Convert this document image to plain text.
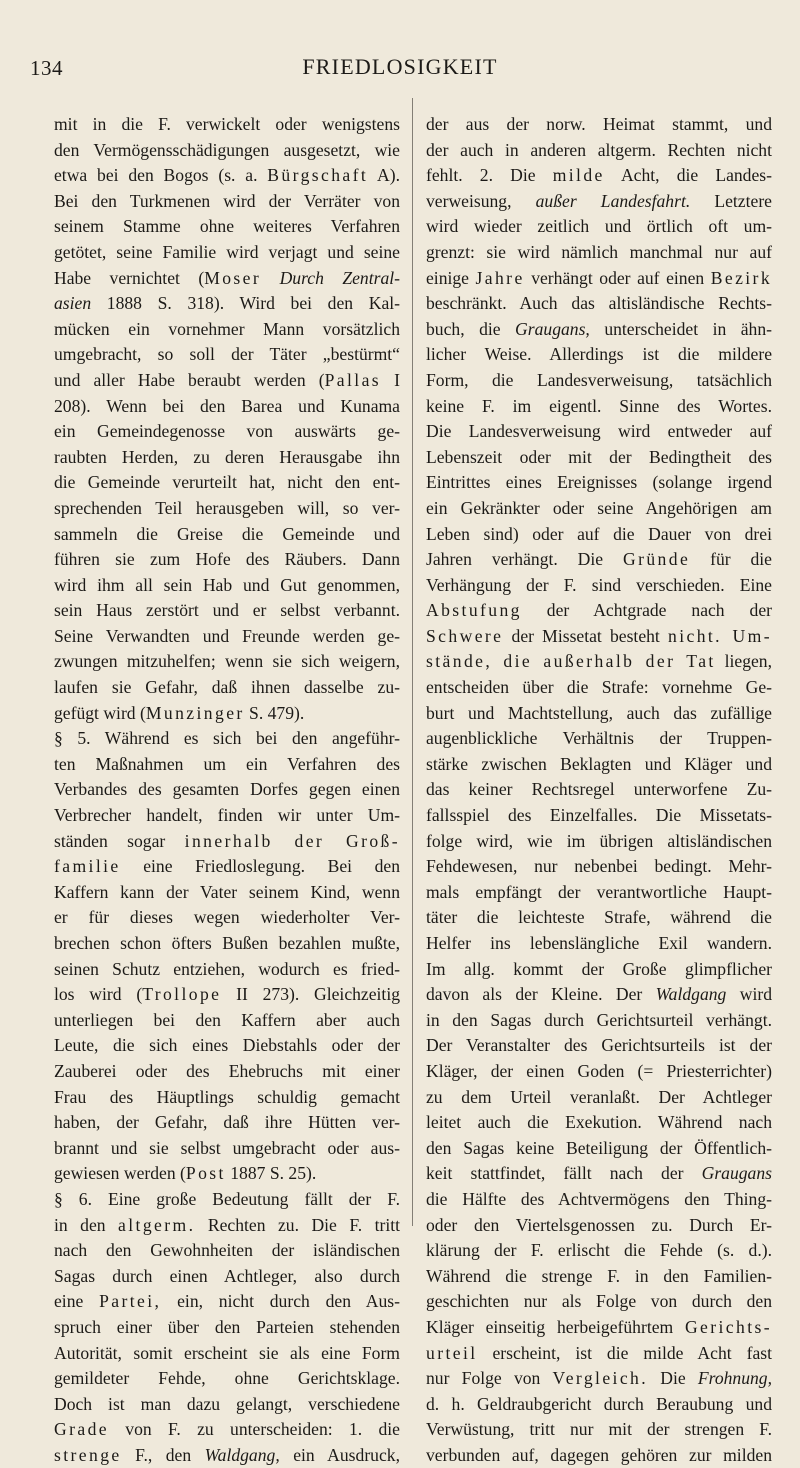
134	FRIEDLOSIGKEIT
mit in die F. verwickelt oder wenigstens
den Vermögensschädigungen ausgesetzt, wie
etwa bei den Bogos (s. a. Bürgschaft A).
Bei den Turkmenen wird der Verräter von
seinem Stamme ohne weiteres Verfahren
getötet, seine Familie wird verjagt und seine
Habe vernichtet (Moser Durch Zentral-
asien 1888 S. 318). Wird bei den Kal-
mücken ein vornehmer Mann vorsätzlich
umgebracht, so soll der Täter „bestürmt“
und aller Habe beraubt werden (Pallas I
208). Wenn bei den Barea und Kunama
ein Gemeindegenosse von auswärts ge-
raubten Herden, zu deren Herausgabe ihn
die Gemeinde verurteilt hat, nicht den ent-
sprechenden Teil herausgeben will, so ver-
sammeln die Greise die Gemeinde und
führen sie zum Hofe des Räubers. Dann
wird ihm all sein Hab und Gut genommen,
sein Haus zerstört und er selbst verbannt.
Seine Verwandten und Freunde werden ge-
zwungen mitzuhelfen; wenn sie sich weigern,
laufen sie Gefahr, daß ihnen dasselbe zu-
gefügt wird (Munzinger S. 479).
§ 5. Während es sich bei den angeführ-
ten Maßnahmen um ein Verfahren des
Verbandes des gesamten Dorfes gegen einen
Verbrecher handelt, finden wir unter Um-
ständen sogar innerhalb der Groß-
familie eine Friedloslegung. Bei den
Kaffern kann der Vater seinem Kind, wenn
er für dieses wegen wiederholter Ver-
brechen schon öfters Bußen bezahlen mußte,
seinen Schutz entziehen, wodurch es fried-
los wird (Trollope II 273). Gleichzeitig
unterliegen bei den Kaffern aber auch
Leute, die sich eines Diebstahls oder der
Zauberei oder des Ehebruchs mit einer
Frau des Häuptlings schuldig gemacht
haben, der Gefahr, daß ihre Hütten ver-
brannt und sie selbst umgebracht oder aus-
gewiesen werden (Post 1887 S. 25).
§ 6. Eine große Bedeutung fällt der F.
in den altgerm. Rechten zu. Die F. tritt
nach den Gewohnheiten der isländischen
Sagas durch einen Achtleger, also durch
eine Partei, ein, nicht durch den Aus-
spruch einer über den Parteien stehenden
Autorität, somit erscheint sie als eine Form
gemildeter Fehde, ohne Gerichtsklage.
Doch ist man dazu gelangt, verschiedene
Grade von F. zu unterscheiden: 1. die
strenge F., den Waldgang, ein Ausdruck,
der aus der norw. Heimat stammt, und
der auch in anderen altgerm. Rechten nicht
fehlt. 2. Die milde Acht, die Landes-
verweisung, außer Landesfahrt. Letztere
wird wieder zeitlich und örtlich oft um-
grenzt: sie wird nämlich manchmal nur auf
einige Jahre verhängt oder auf einen Bezirk
beschränkt. Auch das altisländische Rechts-
buch, die Graugans, unterscheidet in ähn-
licher Weise. Allerdings ist die mildere
Form, die Landesverweisung, tatsächlich
keine F. im eigentl. Sinne des Wortes.
Die Landesverweisung wird entweder auf
Lebenszeit oder mit der Bedingtheit des
Eintrittes eines Ereignisses (solange irgend
ein Gekränkter oder seine Angehörigen am
Leben sind) oder auf die Dauer von drei
Jahren verhängt. Die Gründe für die
Verhängung der F. sind verschieden. Eine
Abstufung der Achtgrade nach der
Schwere der Missetat besteht nicht. Um-
stände, die außerhalb der Tat liegen,
entscheiden über die Strafe: vornehme Ge-
burt und Machtstellung, auch das zufällige
augenblickliche Verhältnis der Truppen-
stärke zwischen Beklagten und Kläger und
das keiner Rechtsregel unterworfene Zu-
fallsspiel des Einzelfalles. Die Missetats-
folge wird, wie im übrigen altisländischen
Fehdewesen, nur nebenbei bedingt. Mehr-
mals empfängt der verantwortliche Haupt-
täter die leichteste Strafe, während die
Helfer ins lebenslängliche Exil wandern.
Im allg. kommt der Große glimpflicher
davon als der Kleine. Der Waldgang wird
in den Sagas durch Gerichtsurteil verhängt.
Der Veranstalter des Gerichtsurteils ist der
Kläger, der einen Goden (= Priesterrichter)
zu dem Urteil veranlaßt. Der Achtleger
leitet auch die Exekution. Während nach
den Sagas keine Beteiligung der Öffentlich-
keit stattfindet, fällt nach der Graugans
die Hälfte des Achtvermögens den Thing-
oder den Viertelsgenossen zu. Durch Er-
klärung der F. erlischt die Fehde (s. d.).
Während die strenge F. in den Familien-
geschichten nur als Folge von durch den
Kläger einseitig herbeigeführtem Gerichts-
urteil erscheint, ist die milde Acht fast
nur Folge von Vergleich. Die Frohnung,
d. h. Geldraubgericht durch Beraubung und
Verwüstung, tritt nur mit der strengen F.
verbunden auf, dagegen gehören zur milden
